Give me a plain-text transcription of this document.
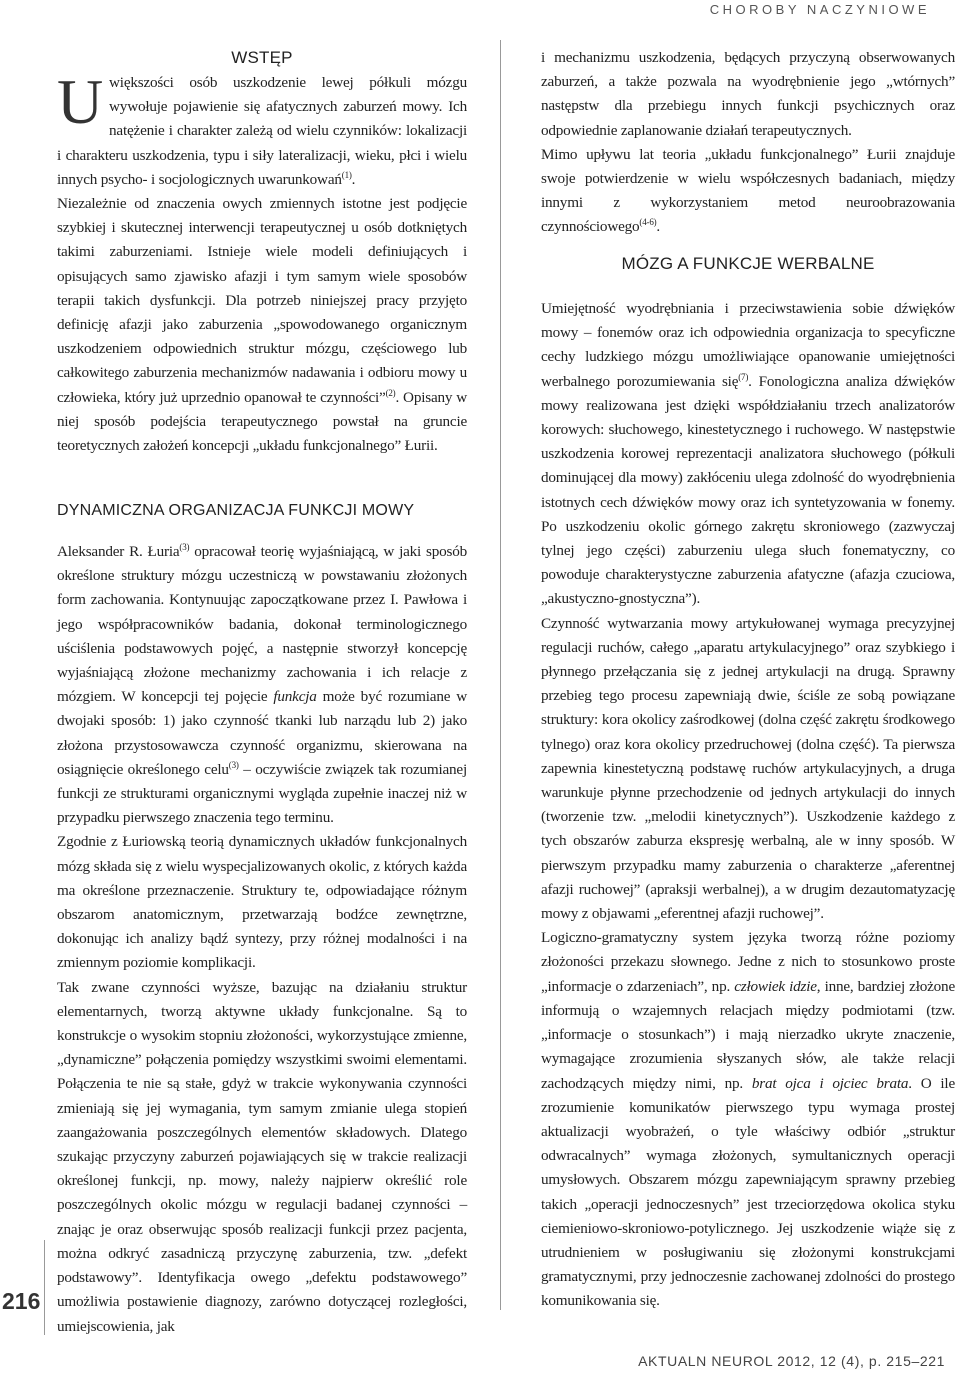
CHOROBY NACZYNIOWE
216
AKTUALN NEUROL 2012, 12 (4), p. 215–221
WSTĘP

Uwiększości osób uszkodzenie lewej półkuli mózgu wywołuje pojawienie się afatycznych zaburzeń mowy. Ich natężenie i charakter zależą od wielu czynników: lokalizacji i charakteru uszkodzenia, typu i siły lateralizacji, wieku, płci i wielu innych psycho- i socjologicznych uwarunkowań$^{(1)}$.

Niezależnie od znaczenia owych zmiennych istotne jest podjęcie szybkiej i skutecznej interwencji terapeutycznej u osób dotkniętych takimi zaburzeniami. Istnieje wiele modeli definiujących i opisujących samo zjawisko afazji i tym samym wiele sposobów terapii takich dysfunkcji. Dla potrzeb niniejszej pracy przyjęto definicję afazji jako zaburzenia „spowodowanego organicznym uszkodzeniem odpowiednich struktur mózgu, częściowego lub całkowitego zaburzenia mechanizmów nadawania i odbioru mowy u człowieka, który już uprzednio opanował te czynności”$^{(2)}$. Opisany w niej sposób podejścia terapeutycznego powstał na gruncie teoretycznych założeń koncepcji „układu funkcjonalnego” Łurii.

DYNAMICZNA ORGANIZACJA FUNKCJI MOWY

Aleksander R. Łuria$^{(3)}$ opracował teorię wyjaśniającą, w jaki sposób określone struktury mózgu uczestniczą w powstawaniu złożonych form zachowania. Kontynuując zapoczątkowane przez I. Pawłowa i jego współpracowników badania, dokonał terminologicznego uściślenia podstawowych pojęć, a następnie stworzył koncepcję wyjaśniającą złożone mechanizmy zachowania i ich relacje z mózgiem. W koncepcji tej pojęcie funkcja może być rozumiane w dwojaki sposób: 1) jako czynność tkanki lub narządu lub 2) jako złożona przystosowawcza czynność organizmu, skierowana na osiągnięcie określonego celu$^{(3)}$ – oczywiście związek tak rozumianej funkcji ze strukturami organicznymi wygląda zupełnie inaczej niż w przypadku pierwszego znaczenia tego terminu.

Zgodnie z Łuriowską teorią dynamicznych układów funkcjonalnych mózg składa się z wielu wyspecjalizowanych okolic, z których każda ma określone przeznaczenie. Struktury te, odpowiadające różnym obszarom anatomicznym, przetwarzają bodźce zewnętrzne, dokonując ich analizy bądź syntezy, przy różnej modalności i na zmiennym poziomie komplikacji.

Tak zwane czynności wyższe, bazując na działaniu struktur elementarnych, tworzą aktywne układy funkcjonalne. Są to konstrukcje o wysokim stopniu złożoności, wykorzystujące zmienne, „dynamiczne” połączenia pomiędzy wszystkimi swoimi elementami. Połączenia te nie są stałe, gdyż w trakcie wykonywania czynności zmieniają się jej wymagania, tym samym zmianie ulega stopień zaangażowania poszczególnych elementów składowych. Dlatego szukając przyczyny zaburzeń pojawiających się w trakcie realizacji określonej funkcji, np. mowy, należy najpierw określić role poszczególnych okolic mózgu w regulacji badanej czynności – znając je oraz obserwując sposób realizacji funkcji przez pacjenta, można odkryć zasadniczą przyczynę zaburzenia, tzw. „defekt podstawowy”. Identyfikacja owego „defektu podstawowego” umożliwia postawienie diagnozy, zarówno dotyczącej rozległości, umiejscowienia, jak

i mechanizmu uszkodzenia, będących przyczyną obserwowanych zaburzeń, a także pozwala na wyodrębnienie jego „wtórnych” następstw dla przebiegu innych funkcji psychicznych oraz odpowiednie zaplanowanie działań terapeutycznych.

Mimo upływu lat teoria „układu funkcjonalnego” Łurii znajduje swoje potwierdzenie w wielu współczesnych badaniach, między innymi z wykorzystaniem metod neuroobrazowania czynnościowego$^{(4-6)}$.

MÓZG A FUNKCJE WERBALNE

Umiejętność wyodrębniania i przeciwstawienia sobie dźwięków mowy – fonemów oraz ich odpowiednia organizacja to specyficzne cechy ludzkiego mózgu umożliwiające opanowanie umiejętności werbalnego porozumiewania się$^{(7)}$. Fonologiczna analiza dźwięków mowy realizowana jest dzięki współdziałaniu trzech analizatorów korowych: słuchowego, kinestetycznego i ruchowego. W następstwie uszkodzenia korowej reprezentacji analizatora słuchowego (półkuli dominującej dla mowy) zakłóceniu ulega zdolność do wyodrębnienia istotnych cech dźwięków mowy oraz ich syntetyzowania w fonemy. Po uszkodzeniu okolic górnego zakrętu skroniowego (zazwyczaj tylnej jego części) zaburzeniu ulega słuch fonematyczny, co powoduje charakterystyczne zaburzenia afatyczne (afazja czuciowa, „akustyczno-gnostyczna”).

Czynność wytwarzania mowy artykułowanej wymaga precyzyjnej regulacji ruchów, całego „aparatu artykulacyjnego” oraz szybkiego i płynnego przełączania się z jednej artykulacji na drugą. Sprawny przebieg tego procesu zapewniają dwie, ściśle ze sobą powiązane struktury: kora okolicy zaśrodkowej (dolna część zakrętu środkowego tylnego) oraz kora okolicy przedruchowej (dolna część). Ta pierwsza zapewnia kinestetyczną podstawę ruchów artykulacyjnych, a druga warunkuje płynne przechodzenie od jednych artykulacji do innych (tworzenie tzw. „melodii kinetycznych”). Uszkodzenie każdego z tych obszarów zaburza ekspresję werbalną, ale w inny sposób. W pierwszym przypadku mamy zaburzenia o charakterze „aferentnej afazji ruchowej” (apraksji werbalnej), a w drugim dezautomatyzację mowy z objawami „eferentnej afazji ruchowej”.

Logiczno-gramatyczny system języka tworzą różne poziomy złożoności przekazu słownego. Jedne z nich to stosunkowo proste „informacje o zdarzeniach”, np. człowiek idzie, inne, bardziej złożone informują o wzajemnych relacjach między podmiotami (tzw. „informacje o stosunkach”) i mają nierzadko ukryte znaczenie, wymagające zrozumienia słyszanych słów, ale także relacji zachodzących między nimi, np. brat ojca i ojciec brata. O ile zrozumienie komunikatów pierwszego typu wymaga prostej aktualizacji wyobrażeń, o tyle właściwy odbiór „struktur odwracalnych” wymaga złożonych, symultanicznych operacji umysłowych. Obszarem mózgu zapewniającym sprawny przebieg takich „operacji jednoczesnych” jest trzeciorzędowa okolica styku ciemieniowo-skroniowo-potylicznego. Jej uszkodzenie wiąże się z utrudnieniem w posługiwaniu się złożonymi konstrukcjami gramatycznymi, przy jednoczesnie zachowanej zdolności do prostego komunikowania się.
